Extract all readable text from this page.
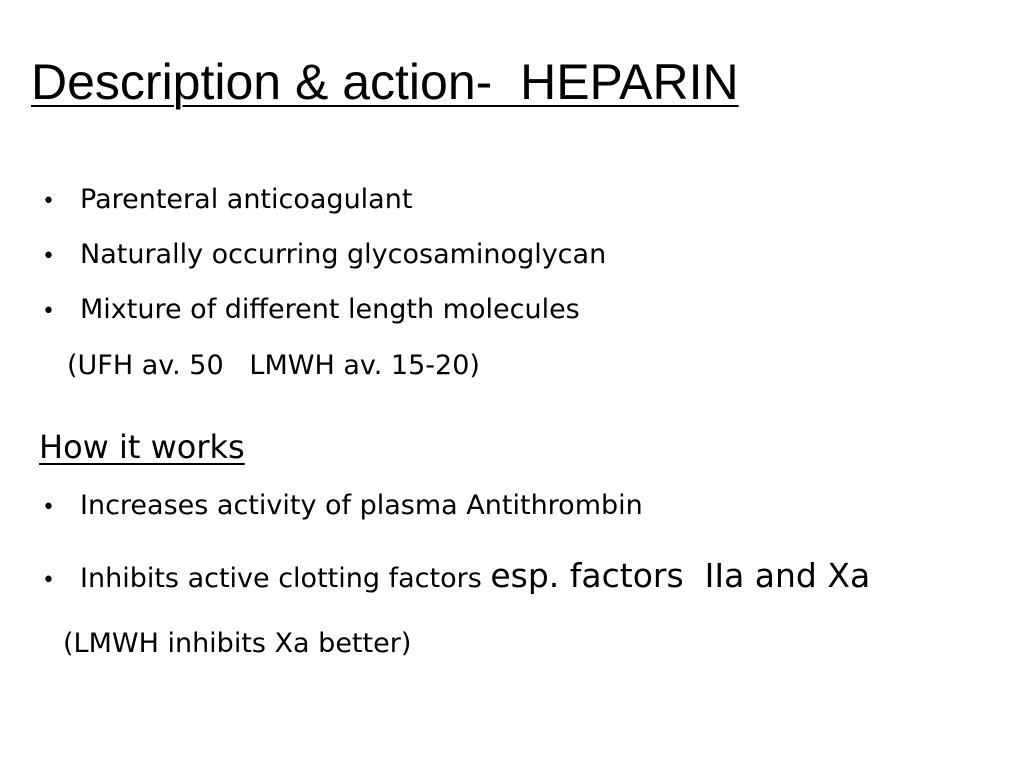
Description & action-  HEPARIN
• Parenteral anticoagulant
• Naturally occurring glycosaminoglycan
• Mixture of different length molecules
(UFH av. 50   LMWH av. 15-20)
How it works
• Increases activity of plasma Antithrombin
• Inhibits active clotting factors esp. factors  IIa and Xa
(LMWH inhibits Xa better)
